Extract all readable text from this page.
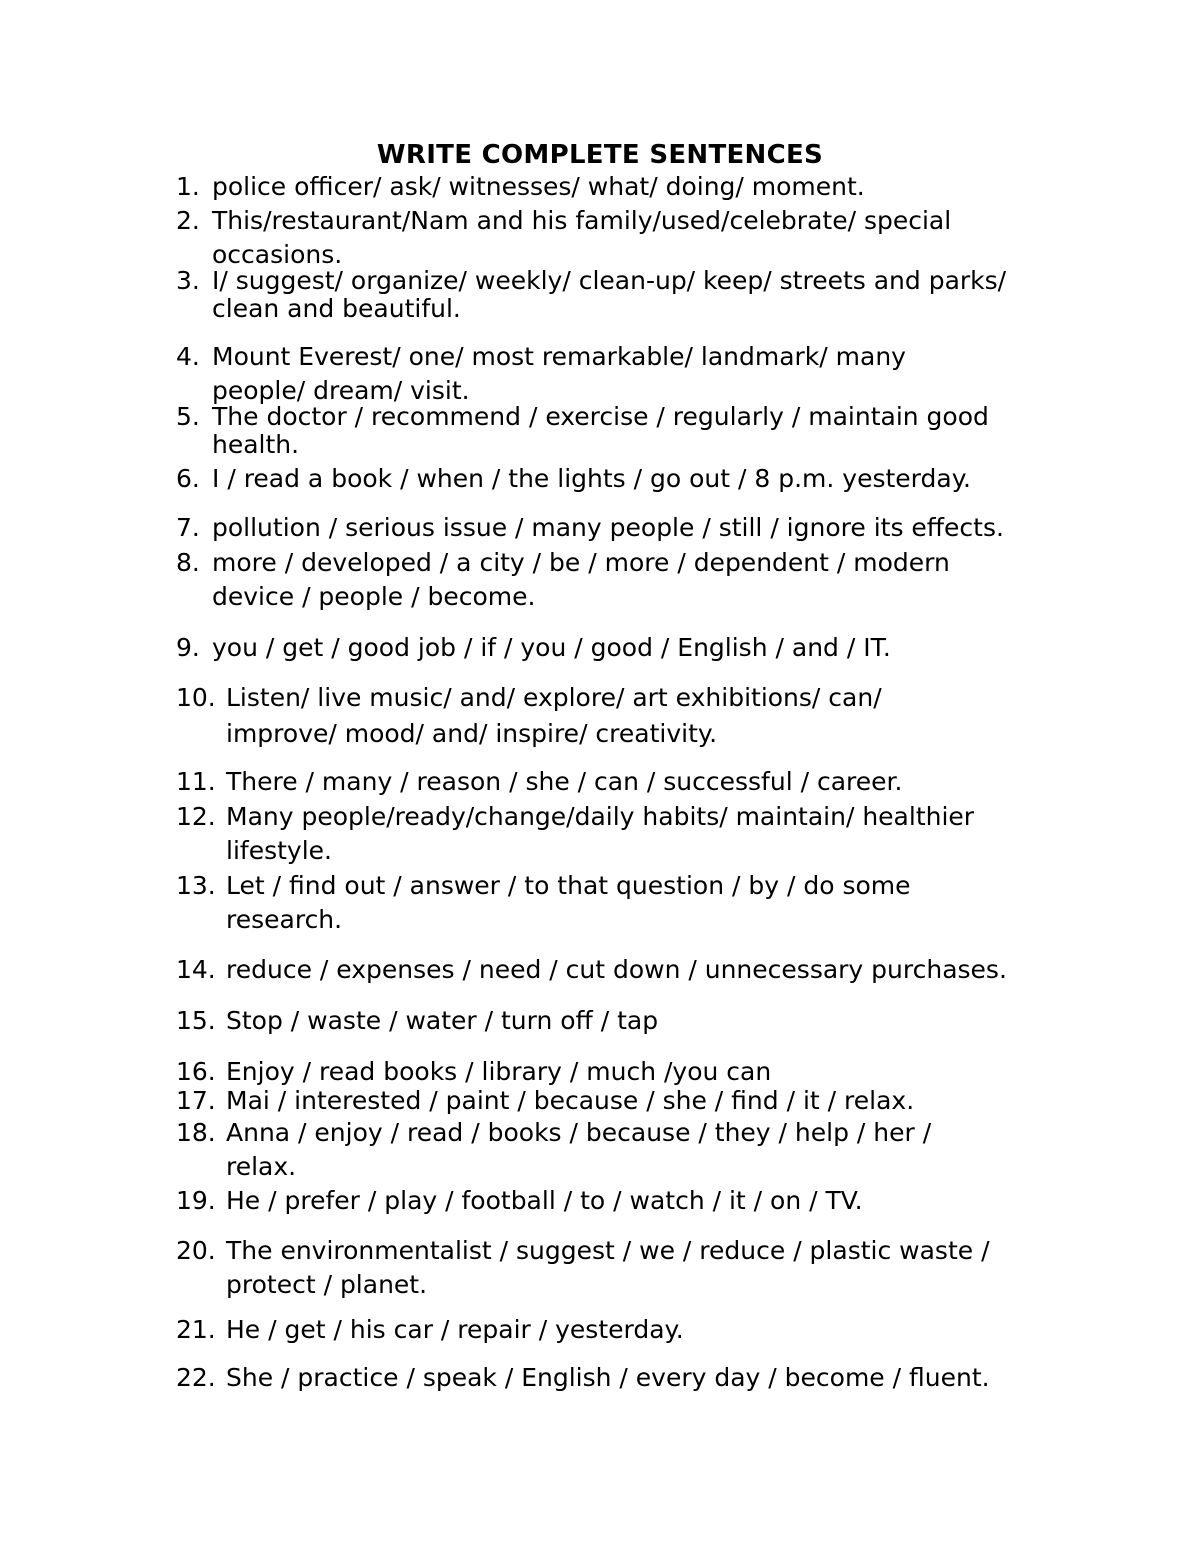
WRITE COMPLETE SENTENCES
1. police officer/ ask/ witnesses/ what/ doing/ moment.
2. This/restaurant/Nam and his family/used/celebrate/ special
occasions.
3. I/ suggest/ organize/ weekly/ clean-up/ keep/ streets and parks/
clean and beautiful.
4. Mount Everest/ one/ most remarkable/ landmark/ many
people/ dream/ visit.
5. The doctor / recommend / exercise / regularly / maintain good
health.
6. I / read a book / when / the lights / go out / 8 p.m. yesterday.
7. pollution / serious issue / many people / still / ignore its effects.
8. more / developed / a city / be / more / dependent / modern
device / people / become.
9. you / get / good job / if / you / good / English / and / IT.
10. Listen/ live music/ and/ explore/ art exhibitions/ can/
improve/ mood/ and/ inspire/ creativity.
11. There / many / reason / she / can / successful / career.
12. Many people/ready/change/daily habits/ maintain/ healthier
lifestyle.
13. Let / find out / answer / to that question / by / do some
research.
14. reduce / expenses / need / cut down / unnecessary purchases.
15. Stop / waste / water / turn off / tap
16. Enjoy / read books / library / much /you can
17. Mai / interested / paint / because / she / find / it / relax.
18. Anna / enjoy / read / books / because / they / help / her /
relax.
19. He / prefer / play / football / to / watch / it / on / TV.
20. The environmentalist / suggest / we / reduce / plastic waste /
protect / planet.
21. He / get / his car / repair / yesterday.
22. She / practice / speak / English / every day / become / fluent.
